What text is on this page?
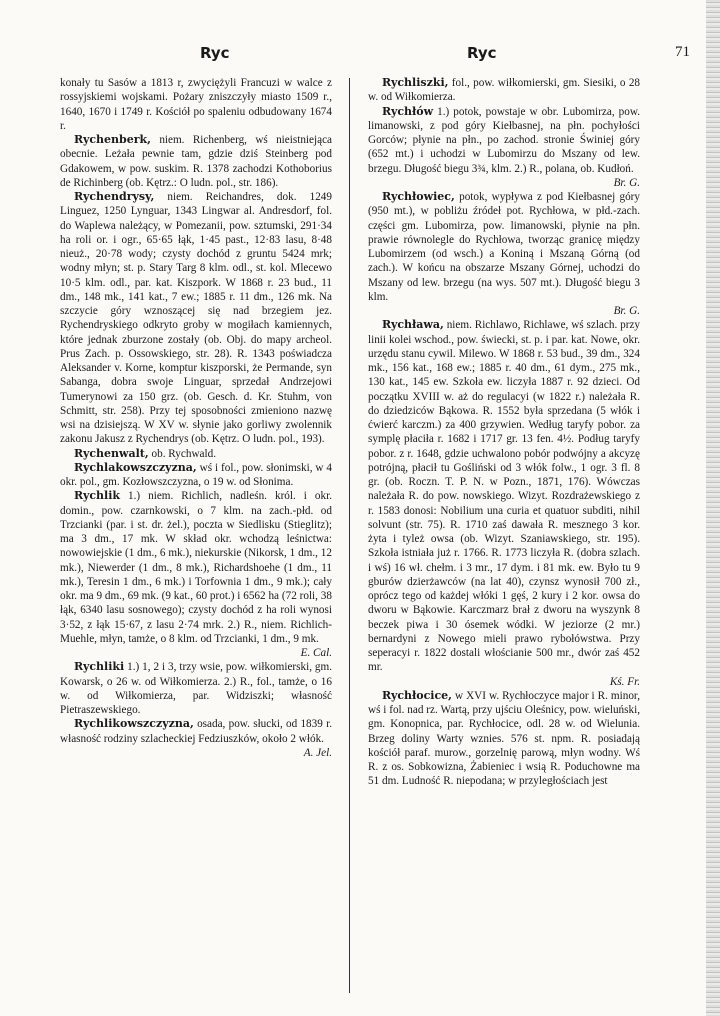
Ryc	Ryc	71

konały tu Sasów a 1813 r, zwyciężyli Francuzi w walce z rossyjskiemi wojskami. Pożary zniszczyły miasto 1509 r., 1640, 1670 i 1749 r. Kościół po spaleniu odbudowany 1674 r.

Rychenberk, niem. Richenberg, wś nieistniejąca obecnie. Leżała pewnie tam, gdzie dziś Steinberg pod Gdakowem, w pow. suskim. R. 1378 zachodzi Kothoborius de Richinberg (ob. Kętrz.: O ludn. pol., str. 186).

Rychendrysy, niem. Reichandres, dok. 1249 Linguez, 1250 Lynguar, 1343 Lingwar al. Andresdorf, fol. do Waplewa należący, w Pomezanii, pow. sztumski, 291·34 ha roli or. i ogr., 65·65 łąk, 1·45 past., 12·83 lasu, 8·48 nieuż., 20·78 wody; czysty dochód z gruntu 5424 mrk; wodny młyn; st. p. Stary Targ 8 klm. odl., st. kol. Mlecewo 10·5 klm. odl., par. kat. Kiszpork. W 1868 r. 23 bud., 11 dm., 148 mk., 141 kat., 7 ew.; 1885 r. 11 dm., 126 mk. Na szczycie góry wznoszącej się nad brzegiem jez. Rychendryskiego odkryto groby w mogiłach kamiennych, które jednak zburzone zostały (ob. Obj. do mapy archeol. Prus Zach. p. Ossowskiego, str. 28). R. 1343 poświadcza Aleksander v. Korne, komptur kiszporski, że Permande, syn Sabanga, dobra swoje Linguar, sprzedał Andrzejowi Tumerynowi za 150 grz. (ob. Gesch. d. Kr. Stuhm, von Schmitt, str. 258). Przy tej sposobności zmieniono nazwę wsi na dzisiejszą. W XV w. słynie jako gorliwy zwolennik zakonu Jakusz z Rychendrys (ob. Kętrz. O ludn. pol., 193).

Rychenwalt, ob. Rychwald.

Rychlakowszczyzna, wś i fol., pow. słonimski, w 4 okr. pol., gm. Kozłowszczyzna, o 19 w. od Słonima.

Rychlik 1.) niem. Richlich, nadleśn. król. i okr. domin., pow. czarnkowski, o 7 klm. na zach.-płd. od Trzcianki (par. i st. dr. żel.), poczta w Siedlisku (Stieglitz); ma 3 dm., 17 mk. W skład okr. wchodzą leśnictwa: nowowiejskie (1 dm., 6 mk.), niekurskie (Nikorsk, 1 dm., 12 mk.), Niewerder (1 dm., 8 mk.), Richardshoehe (1 dm., 11 mk.), Teresin 1 dm., 6 mk.) i Torfownia 1 dm., 9 mk.); cały okr. ma 9 dm., 69 mk. (9 kat., 60 prot.) i 6562 ha (72 roli, 38 łąk, 6340 lasu sosnowego); czysty dochód z ha roli wynosi 3·52, z łąk 15·67, z lasu 2·74 mrk. 2.) R., niem. Richlich-Muehle, młyn, tamże, o 8 klm. od Trzcianki, 1 dm., 9 mk.
E. Cal.

Rychliki 1.) 1, 2 i 3, trzy wsie, pow. wiłkomierski, gm. Kowarsk, o 26 w. od Wiłkomierza. 2.) R., fol., tamże, o 16 w. od Wiłkomierza, par. Widziszki; własność Pietraszewskiego.

Rychlikowszczyzna, osada, pow. słucki, od 1839 r. własność rodziny szlacheckiej Fedziuszków, około 2 włók.
A. Jel.

Rychliszki, fol., pow. wiłkomierski, gm. Siesiki, o 28 w. od Wiłkomierza.

Rychłów 1.) potok, powstaje w obr. Lubomirza, pow. limanowski, z pod góry Kiełbasnej, na płn. pochyłości Gorców; płynie na płn., po zachod. stronie Świniej góry (652 mt.) i uchodzi w Lubomirzu do Mszany od lew. brzegu. Długość biegu 3¾, klm. 2.) R., polana, ob. Kudłoń.
Br. G.

Rychłowiec, potok, wypływa z pod Kiełbasnej góry (950 mt.), w pobliżu źródeł pot. Rychłowa, w płd.-zach. części gm. Lubomirza, pow. limanowski, płynie na płn. prawie równolegle do Rychłowa, tworząc granicę między Lubomirzem (od wsch.) a Koniną i Mszaną Górną (od zach.). W końcu na obszarze Mszany Górnej, uchodzi do Mszany od lew. brzegu (na wys. 507 mt.). Długość biegu 3 klm.
Br. G.

Rychława, niem. Richlawo, Richlawe, wś szlach. przy linii kolei wschod., pow. świecki, st. p. i par. kat. Nowe, okr. urzędu stanu cywil. Milewo. W 1868 r. 53 bud., 39 dm., 324 mk., 156 kat., 168 ew.; 1885 r. 40 dm., 61 dym., 275 mk., 130 kat., 145 ew. Szkoła ew. liczyła 1887 r. 92 dzieci. Od początku XVIII w. aż do regulacyi (w 1822 r.) należała R. do dziedziców Bąkowa. R. 1552 była sprzedana (5 włók i ćwierć karczm.) za 400 grzywien. Według taryfy pobor. za symplę płaciła r. 1682 i 1717 gr. 13 fen. 4½. Podług taryfy pobor. z r. 1648, gdzie uchwalono pobór podwójny a akcyzę potrójną, płacił tu Gośliński od 3 włók folw., 1 ogr. 3 fl. 8 gr. (ob. Roczn. T. P. N. w Pozn., 1871, 176). Wówczas należała R. do pow. nowskiego. Wizyt. Rozdrażewskiego z r. 1583 donosi: Nobilium una curia et quatuor subditi, nihil solvunt (str. 75). R. 1710 zaś dawała R. mesznego 3 kor. żyta i tyleż owsa (ob. Wizyt. Szaniawskiego, str. 195). Szkoła istniała już r. 1766. R. 1773 liczyła R. (dobra szlach. i wś) 16 wł. chełm. i 3 mr., 17 dym. i 81 mk. ew. Było tu 9 gburów dzierżawców (na lat 40), czynsz wynosił 700 zł., oprócz tego od każdej włóki 1 gęś, 2 kury i 2 kor. owsa do dworu w Bąkowie. Karczmarz brał z dworu na wyszynk 8 beczek piwa i 30 ósemek wódki. W jeziorze (2 mr.) bernardyni z Nowego mieli prawo rybołówstwa. Przy seperacyi r. 1822 dostali włościanie 500 mr., dwór zaś 452 mr.
Kś. Fr.

Rychłocice, w XVI w. Rychłoczyce major i R. minor, wś i fol. nad rz. Wartą, przy ujściu Oleśnicy, pow. wieluński, gm. Konopnica, par. Rychłocice, odl. 28 w. od Wielunia. Brzeg doliny Warty wznies. 576 st. npm. R. posiadają kościół paraf. murow., gorzelnię parową, młyn wodny. Wś R. z os. Sobkowizna, Żabieniec i wsią R. Poduchowne ma 51 dm. Ludność R. niepodana; w przyległościach jest
